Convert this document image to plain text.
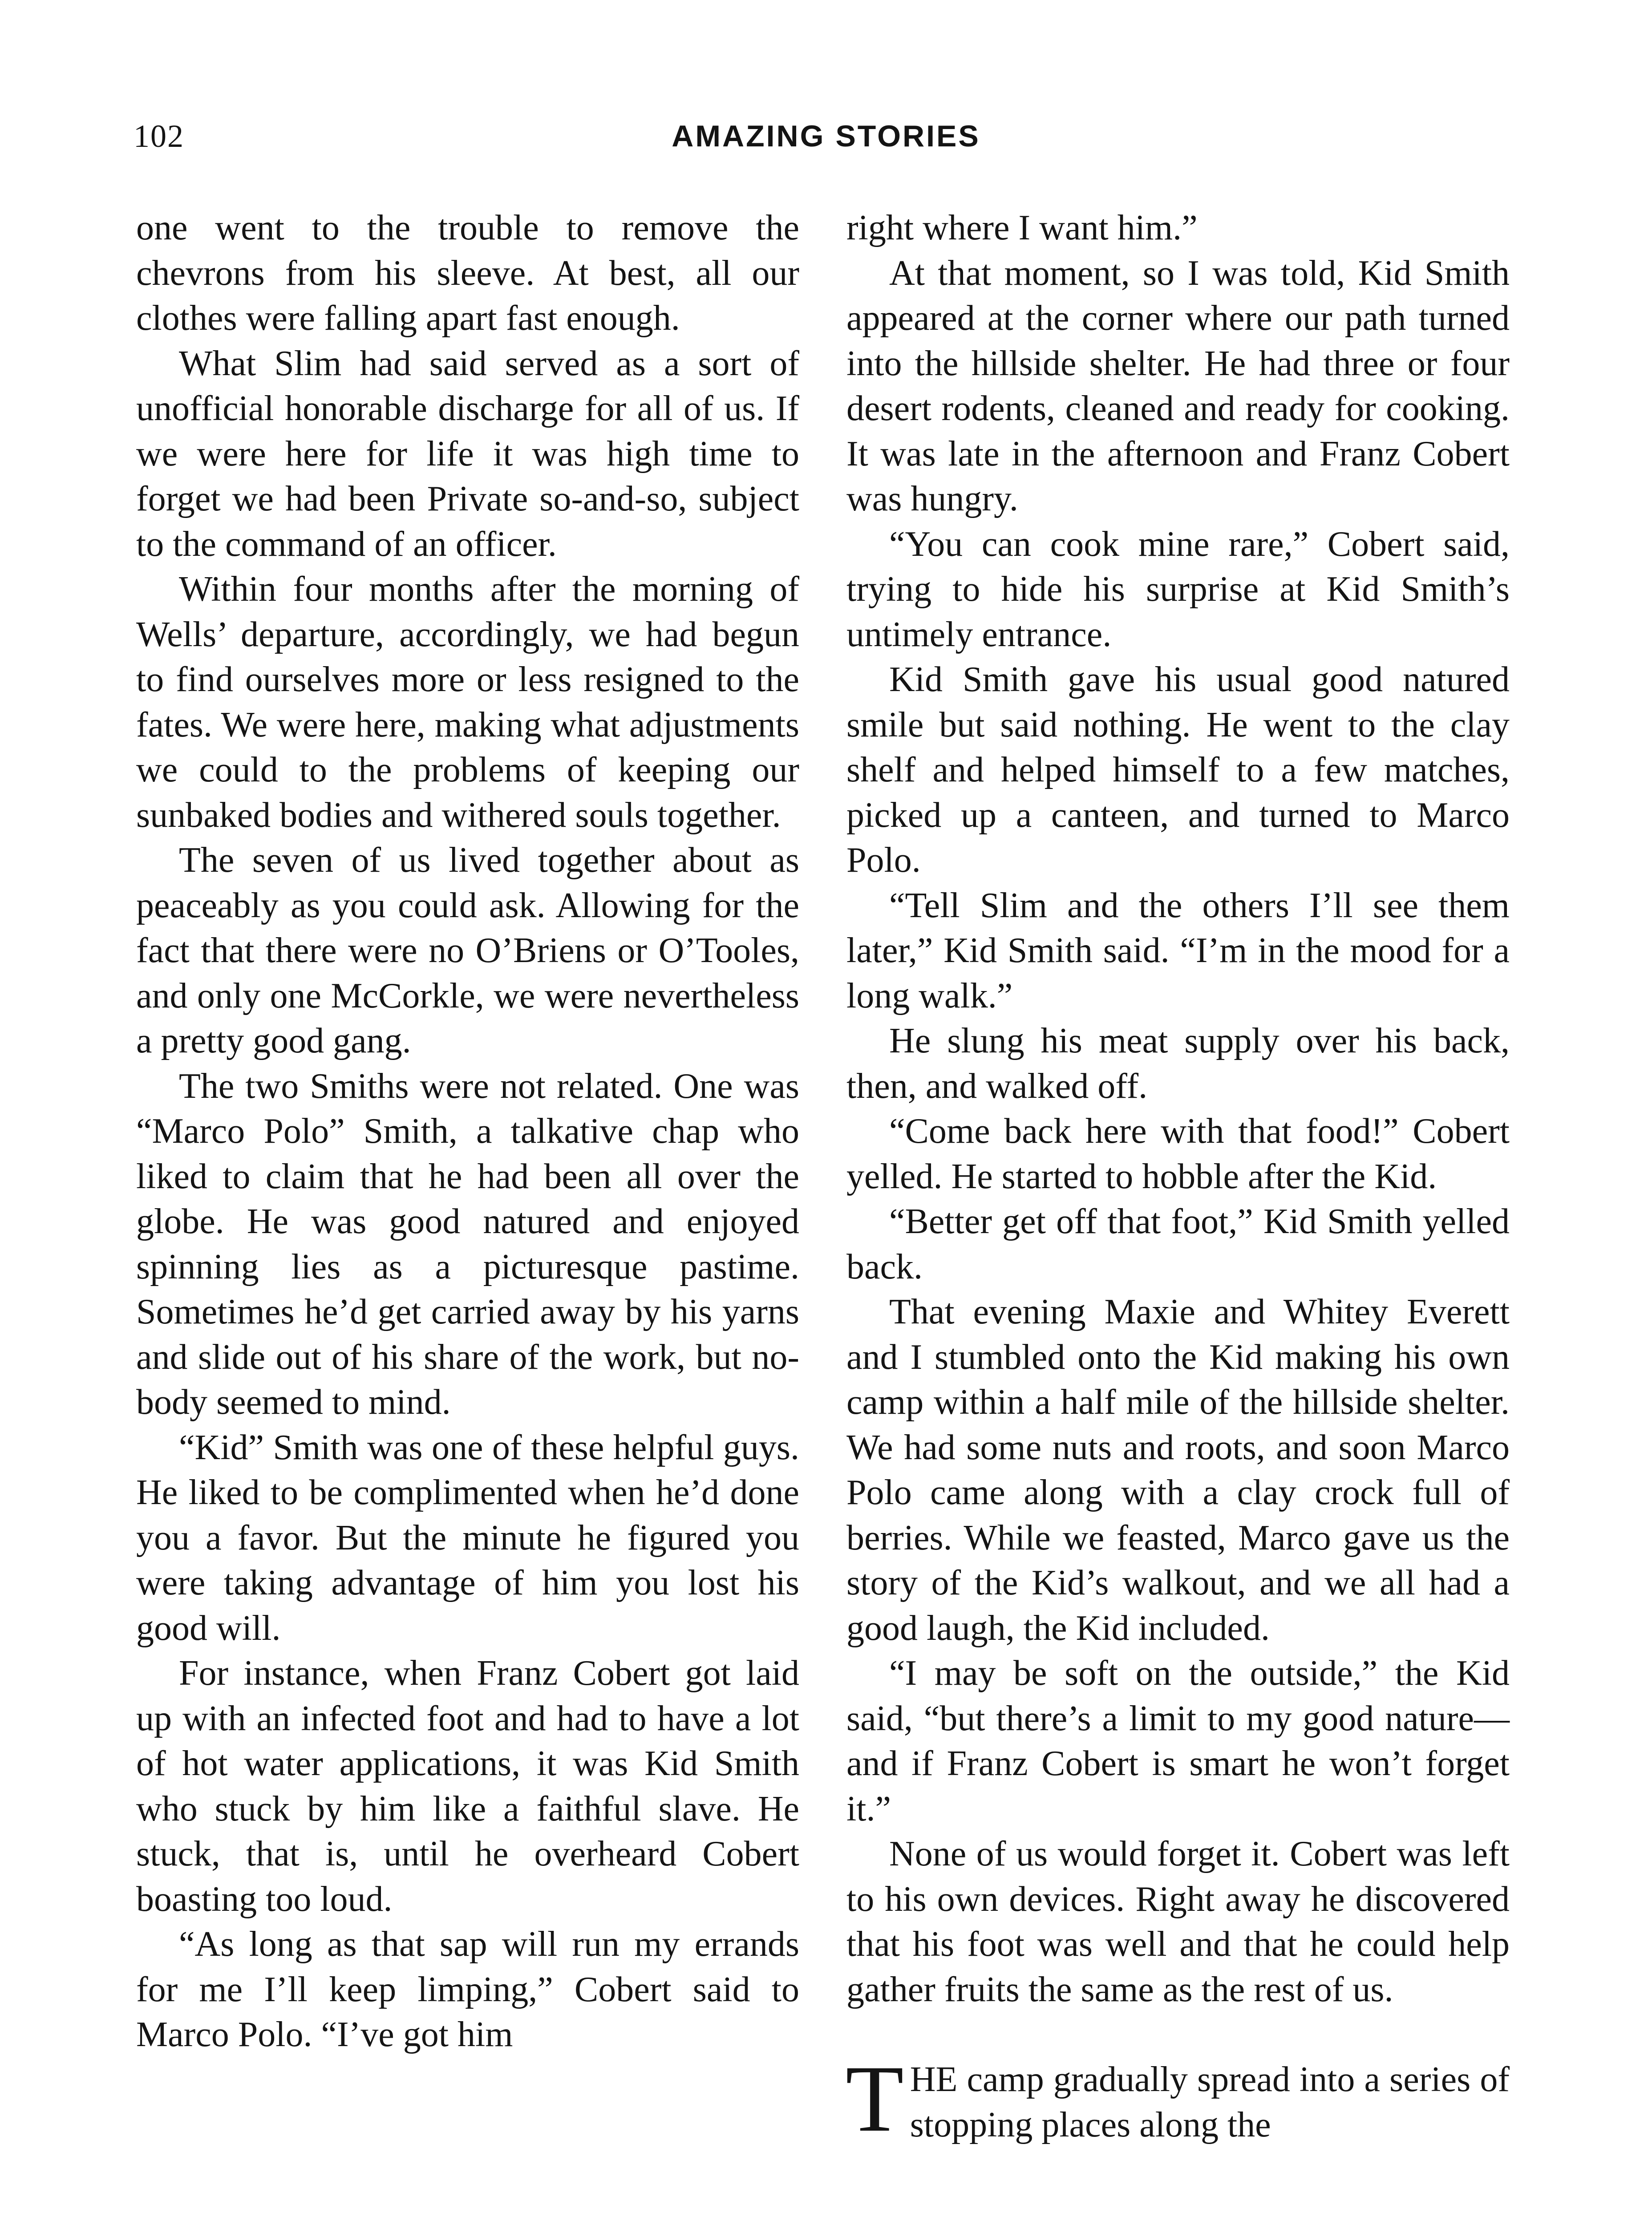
102	AMAZING STORIES

one went to the trouble to remove the chevrons from his sleeve. At best, all our clothes were falling apart fast enough.

What Slim had said served as a sort of unofficial honorable discharge for all of us. If we were here for life it was high time to forget we had been Private so-and-so, subject to the command of an officer.

Within four months after the morning of Wells’ departure, accordingly, we had begun to find ourselves more or less resigned to the fates. We were here, making what adjustments we could to the problems of keeping our sunbaked bodies and withered souls together.

The seven of us lived together about as peaceably as you could ask. Allowing for the fact that there were no O’Briens or O’Tooles, and only one McCorkle, we were nevertheless a pretty good gang.

The two Smiths were not related. One was “Marco Polo” Smith, a talkative chap who liked to claim that he had been all over the globe. He was good natured and enjoyed spinning lies as a picturesque pastime. Sometimes he’d get carried away by his yarns and slide out of his share of the work, but nobody seemed to mind.

“Kid” Smith was one of these helpful guys. He liked to be complimented when he’d done you a favor. But the minute he figured you were taking advantage of him you lost his good will.

For instance, when Franz Cobert got laid up with an infected foot and had to have a lot of hot water applications, it was Kid Smith who stuck by him like a faithful slave. He stuck, that is, until he overheard Cobert boasting too loud.

“As long as that sap will run my errands for me I’ll keep limping,” Cobert said to Marco Polo. “I’ve got him

right where I want him.”

At that moment, so I was told, Kid Smith appeared at the corner where our path turned into the hillside shelter. He had three or four desert rodents, cleaned and ready for cooking. It was late in the afternoon and Franz Cobert was hungry.

“You can cook mine rare,” Cobert said, trying to hide his surprise at Kid Smith’s untimely entrance.

Kid Smith gave his usual good natured smile but said nothing. He went to the clay shelf and helped himself to a few matches, picked up a canteen, and turned to Marco Polo.

“Tell Slim and the others I’ll see them later,” Kid Smith said. “I’m in the mood for a long walk.”

He slung his meat supply over his back, then, and walked off.

“Come back here with that food!” Cobert yelled. He started to hobble after the Kid.

“Better get off that foot,” Kid Smith yelled back.

That evening Maxie and Whitey Everett and I stumbled onto the Kid making his own camp within a half mile of the hillside shelter. We had some nuts and roots, and soon Marco Polo came along with a clay crock full of berries. While we feasted, Marco gave us the story of the Kid’s walkout, and we all had a good laugh, the Kid included.

“I may be soft on the outside,” the Kid said, “but there’s a limit to my good nature—and if Franz Cobert is smart he won’t forget it.”

None of us would forget it. Cobert was left to his own devices. Right away he discovered that his foot was well and that he could help gather fruits the same as the rest of us.

THE camp gradually spread into a series of stopping places along the
